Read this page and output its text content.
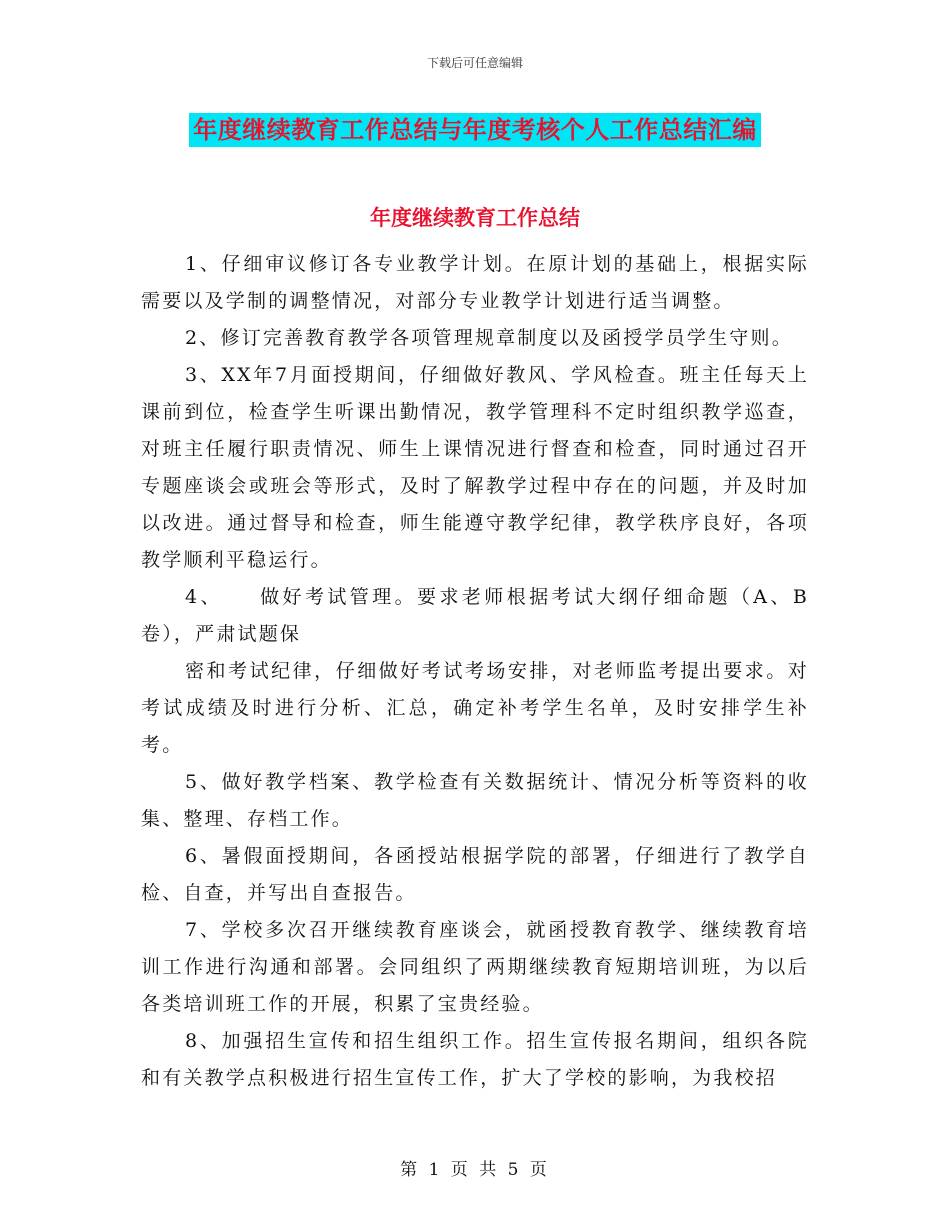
下载后可任意编辑
年度继续教育工作总结与年度考核个人工作总结汇编
年度继续教育工作总结

1、仔细审议修订各专业教学计划。在原计划的基础上，根据实际需要以及学制的调整情况，对部分专业教学计划进行适当调整。

2、修订完善教育教学各项管理规章制度以及函授学员学生守则。

3、XX年7月面授期间，仔细做好教风、学风检查。班主任每天上课前到位，检查学生听课出勤情况，教学管理科不定时组织教学巡查，对班主任履行职责情况、师生上课情况进行督查和检查，同时通过召开专题座谈会或班会等形式，及时了解教学过程中存在的问题，并及时加以改进。通过督导和检查，师生能遵守教学纪律，教学秩序良好，各项教学顺利平稳运行。

4、 做好考试管理。要求老师根据考试大纲仔细命题（A、B卷），严肃试题保

密和考试纪律，仔细做好考试考场安排，对老师监考提出要求。对考试成绩及时进行分析、汇总，确定补考学生名单，及时安排学生补考。

5、做好教学档案、教学检查有关数据统计、情况分析等资料的收集、整理、存档工作。

6、暑假面授期间，各函授站根据学院的部署，仔细进行了教学自检、自查，并写出自查报告。

7、学校多次召开继续教育座谈会，就函授教育教学、继续教育培训工作进行沟通和部署。会同组织了两期继续教育短期培训班，为以后各类培训班工作的开展，积累了宝贵经验。

8、加强招生宣传和招生组织工作。招生宣传报名期间，组织各院和有关教学点积极进行招生宣传工作，扩大了学校的影响，为我校招

第 1 页 共 5 页
